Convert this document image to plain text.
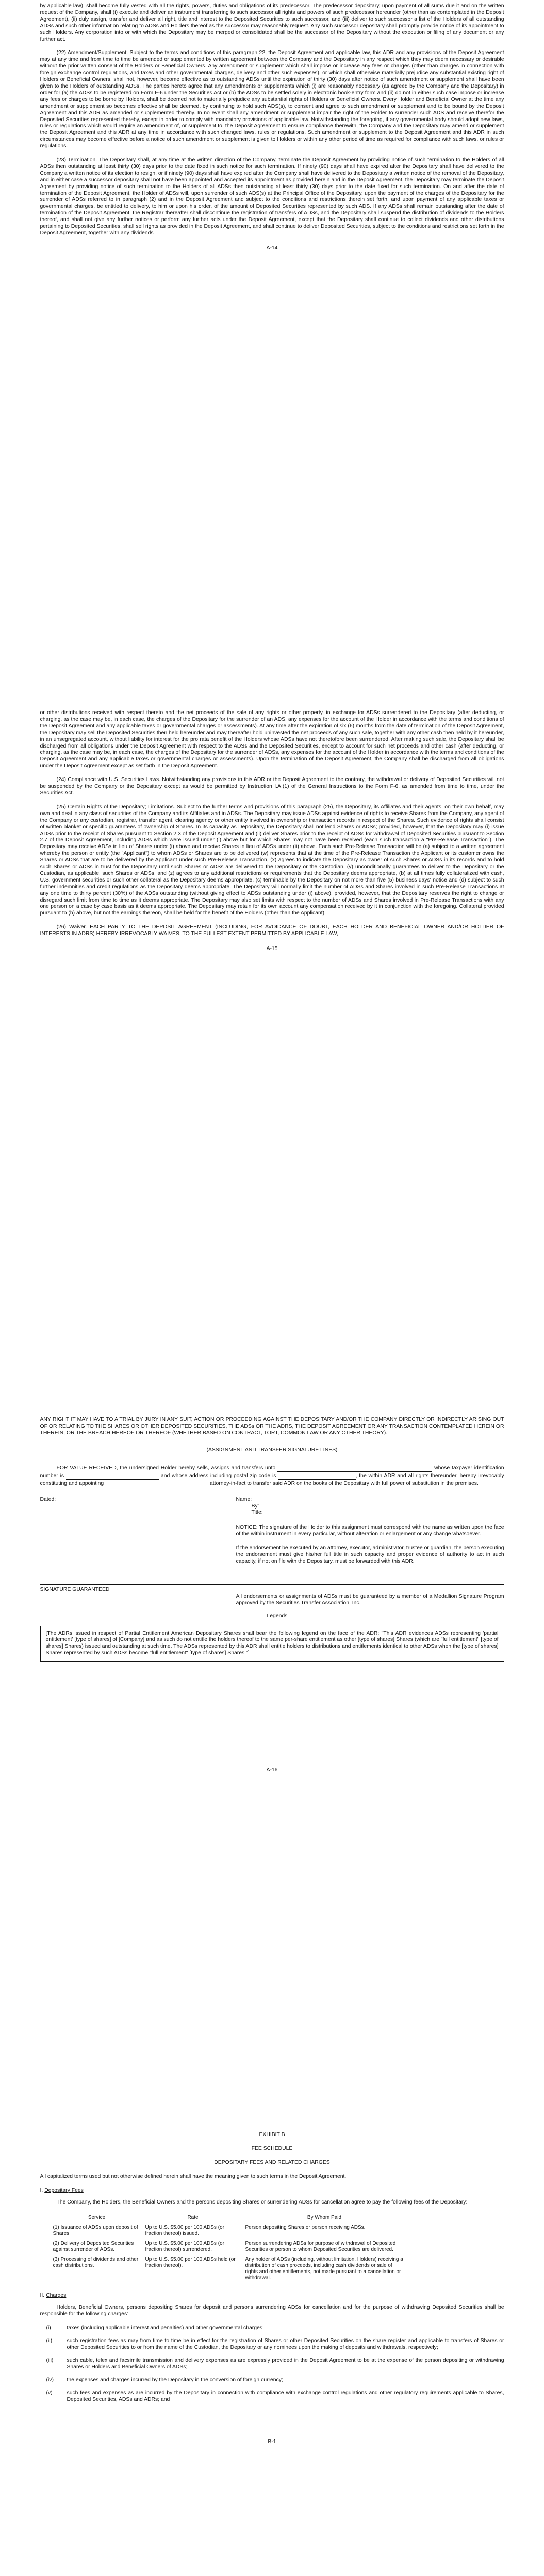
by applicable law), shall become fully vested with all the rights, powers, duties and obligations of its predecessor. The predecessor depositary, upon payment of all sums due it and on the written request of the Company, shall (i) execute and deliver an instrument transferring to such successor all rights and powers of such predecessor hereunder (other than as contemplated in the Deposit Agreement), (ii) duly assign, transfer and deliver all right, title and interest to the Deposited Securities to such successor, and (iii) deliver to such successor a list of the Holders of all outstanding ADSs and such other information relating to ADSs and Holders thereof as the successor may reasonably request. Any such successor depositary shall promptly provide notice of its appointment to such Holders. Any corporation into or with which the Depositary may be merged or consolidated shall be the successor of the Depositary without the execution or filing of any document or any further act.

(22) Amendment/Supplement. Subject to the terms and conditions of this paragraph 22, the Deposit Agreement and applicable law, this ADR and any provisions of the Deposit Agreement may at any time and from time to time be amended or supplemented by written agreement between the Company and the Depositary in any respect which they may deem necessary or desirable without the prior written consent of the Holders or Beneficial Owners. Any amendment or supplement which shall impose or increase any fees or charges (other than charges in connection with foreign exchange control regulations, and taxes and other governmental charges, delivery and other such expenses), or which shall otherwise materially prejudice any substantial existing right of Holders or Beneficial Owners, shall not, however, become effective as to outstanding ADSs until the expiration of thirty (30) days after notice of such amendment or supplement shall have been given to the Holders of outstanding ADSs. The parties hereto agree that any amendments or supplements which (i) are reasonably necessary (as agreed by the Company and the Depositary) in order for (a) the ADSs to be registered on Form F-6 under the Securities Act or (b) the ADSs to be settled solely in electronic book-entry form and (ii) do not in either such case impose or increase any fees or charges to be borne by Holders, shall be deemed not to materially prejudice any substantial rights of Holders or Beneficial Owners. Every Holder and Beneficial Owner at the time any amendment or supplement so becomes effective shall be deemed, by continuing to hold such ADS(s), to consent and agree to such amendment or supplement and to be bound by the Deposit Agreement and this ADR as amended or supplemented thereby. In no event shall any amendment or supplement impair the right of the Holder to surrender such ADS and receive therefor the Deposited Securities represented thereby, except in order to comply with mandatory provisions of applicable law. Notwithstanding the foregoing, if any governmental body should adopt new laws, rules or regulations which would require an amendment of, or supplement to, the Deposit Agreement to ensure compliance therewith, the Company and the Depositary may amend or supplement the Deposit Agreement and this ADR at any time in accordance with such changed laws, rules or regulations. Such amendment or supplement to the Deposit Agreement and this ADR in such circumstances may become effective before a notice of such amendment or supplement is given to Holders or within any other period of time as required for compliance with such laws, or rules or regulations.

(23) Termination. The Depositary shall, at any time at the written direction of the Company, terminate the Deposit Agreement by providing notice of such termination to the Holders of all ADSs then outstanding at least thirty (30) days prior to the date fixed in such notice for such termination. If ninety (90) days shall have expired after the Depositary shall have delivered to the Company a written notice of its election to resign, or if ninety (90) days shall have expired after the Company shall have delivered to the Depositary a written notice of the removal of the Depositary, and in either case a successor depositary shall not have been appointed and accepted its appointment as provided herein and in the Deposit Agreement, the Depositary may terminate the Deposit Agreement by providing notice of such termination to the Holders of all ADSs then outstanding at least thirty (30) days prior to the date fixed for such termination. On and after the date of termination of the Deposit Agreement, the Holder of ADSs will, upon surrender of such ADS(s) at the Principal Office of the Depositary, upon the payment of the charges of the Depositary for the surrender of ADSs referred to in paragraph (2) and in the Deposit Agreement and subject to the conditions and restrictions therein set forth, and upon payment of any applicable taxes or governmental charges, be entitled to delivery, to him or upon his order, of the amount of Deposited Securities represented by such ADS. If any ADSs shall remain outstanding after the date of termination of the Deposit Agreement, the Registrar thereafter shall discontinue the registration of transfers of ADSs, and the Depositary shall suspend the distribution of dividends to the Holders thereof, and shall not give any further notices or perform any further acts under the Deposit Agreement, except that the Depositary shall continue to collect dividends and other distributions pertaining to Deposited Securities, shall sell rights as provided in the Deposit Agreement, and shall continue to deliver Deposited Securities, subject to the conditions and restrictions set forth in the Deposit Agreement, together with any dividends

A-14

or other distributions received with respect thereto and the net proceeds of the sale of any rights or other property, in exchange for ADSs surrendered to the Depositary (after deducting, or charging, as the case may be, in each case, the charges of the Depositary for the surrender of an ADS, any expenses for the account of the Holder in accordance with the terms and conditions of the Deposit Agreement and any applicable taxes or governmental charges or assessments). At any time after the expiration of six (6) months from the date of termination of the Deposit Agreement, the Depositary may sell the Deposited Securities then held hereunder and may thereafter hold uninvested the net proceeds of any such sale, together with any other cash then held by it hereunder, in an unsegregated account, without liability for interest for the pro rata benefit of the Holders whose ADSs have not theretofore been surrendered. After making such sale, the Depositary shall be discharged from all obligations under the Deposit Agreement with respect to the ADSs and the Deposited Securities, except to account for such net proceeds and other cash (after deducting, or charging, as the case may be, in each case, the charges of the Depositary for the surrender of ADSs, any expenses for the account of the Holder in accordance with the terms and conditions of the Deposit Agreement and any applicable taxes or governmental charges or assessments). Upon the termination of the Deposit Agreement, the Company shall be discharged from all obligations under the Deposit Agreement except as set forth in the Deposit Agreement.

(24) Compliance with U.S. Securities Laws. Notwithstanding any provisions in this ADR or the Deposit Agreement to the contrary, the withdrawal or delivery of Deposited Securities will not be suspended by the Company or the Depositary except as would be permitted by Instruction I.A.(1) of the General Instructions to the Form F-6, as amended from time to time, under the Securities Act.

(25) Certain Rights of the Depositary; Limitations. Subject to the further terms and provisions of this paragraph (25), the Depositary, its Affiliates and their agents, on their own behalf, may own and deal in any class of securities of the Company and its Affiliates and in ADSs. The Depositary may issue ADSs against evidence of rights to receive Shares from the Company, any agent of the Company or any custodian, registrar, transfer agent, clearing agency or other entity involved in ownership or transaction records in respect of the Shares. Such evidence of rights shall consist of written blanket or specific guarantees of ownership of Shares. In its capacity as Depositary, the Depositary shall not lend Shares or ADSs; provided, however, that the Depositary may (i) issue ADSs prior to the receipt of Shares pursuant to Section 2.3 of the Deposit Agreement and (ii) deliver Shares prior to the receipt of ADSs for withdrawal of Deposited Securities pursuant to Section 2.7 of the Deposit Agreement, including ADSs which were issued under (i) above but for which Shares may not have been received (each such transaction a "Pre-Release Transaction"). The Depositary may receive ADSs in lieu of Shares under (i) above and receive Shares in lieu of ADSs under (ii) above. Each such Pre-Release Transaction will be (a) subject to a written agreement whereby the person or entity (the "Applicant") to whom ADSs or Shares are to be delivered (w) represents that at the time of the Pre-Release Transaction the Applicant or its customer owns the Shares or ADSs that are to be delivered by the Applicant under such Pre-Release Transaction, (x) agrees to indicate the Depositary as owner of such Shares or ADSs in its records and to hold such Shares or ADSs in trust for the Depositary until such Shares or ADSs are delivered to the Depositary or the Custodian, (y) unconditionally guarantees to deliver to the Depositary or the Custodian, as applicable, such Shares or ADSs, and (z) agrees to any additional restrictions or requirements that the Depositary deems appropriate, (b) at all times fully collateralized with cash, U.S. government securities or such other collateral as the Depositary deems appropriate, (c) terminable by the Depositary on not more than five (5) business days' notice and (d) subject to such further indemnities and credit regulations as the Depositary deems appropriate. The Depositary will normally limit the number of ADSs and Shares involved in such Pre-Release Transactions at any one time to thirty percent (30%) of the ADSs outstanding (without giving effect to ADSs outstanding under (i) above), provided, however, that the Depositary reserves the right to change or disregard such limit from time to time as it deems appropriate. The Depositary may also set limits with respect to the number of ADSs and Shares involved in Pre-Release Transactions with any one person on a case by case basis as it deems appropriate. The Depositary may retain for its own account any compensation received by it in conjunction with the foregoing. Collateral provided pursuant to (b) above, but not the earnings thereon, shall be held for the benefit of the Holders (other than the Applicant).

(26) Waiver. EACH PARTY TO THE DEPOSIT AGREEMENT (INCLUDING, FOR AVOIDANCE OF DOUBT, EACH HOLDER AND BENEFICIAL OWNER AND/OR HOLDER OF INTERESTS IN ADRS) HEREBY IRREVOCABLY WAIVES, TO THE FULLEST EXTENT PERMITTED BY APPLICABLE LAW,

A-15

ANY RIGHT IT MAY HAVE TO A TRIAL BY JURY IN ANY SUIT, ACTION OR PROCEEDING AGAINST THE DEPOSITARY AND/OR THE COMPANY DIRECTLY OR INDIRECTLY ARISING OUT OF OR RELATING TO THE SHARES OR OTHER DEPOSITED SECURITIES, THE ADSs OR THE ADRS, THE DEPOSIT AGREEMENT OR ANY TRANSACTION CONTEMPLATED HEREIN OR THEREIN, OR THE BREACH HEREOF OR THEREOF (WHETHER BASED ON CONTRACT, TORT, COMMON LAW OR ANY OTHER THEORY).

(ASSIGNMENT AND TRANSFER SIGNATURE LINES)

FOR VALUE RECEIVED, the undersigned Holder hereby sells, assigns and transfers unto	whose taxpayer identification number is	and whose address including postal zip code is	, the within ADR and all rights thereunder, hereby irrevocably constituting and appointing	attorney-in-fact to transfer said ADR on the books of the Depositary with full power of substitution in the premises.

Dated:	Name:
By:
Title:

NOTICE: The signature of the Holder to this assignment must correspond with the name as written upon the face of the within instrument in every particular, without alteration or enlargement or any change whatsoever.

If the endorsement be executed by an attorney, executor, administrator, trustee or guardian, the person executing the endorsement must give his/her full title in such capacity and proper evidence of authority to act in such capacity, if not on file with the Depositary, must be forwarded with this ADR.

SIGNATURE GUARANTEED

All endorsements or assignments of ADSs must be guaranteed by a member of a Medallion Signature Program approved by the Securities Transfer Association, Inc.

Legends

[The ADRs issued in respect of Partial Entitlement American Depositary Shares shall bear the following legend on the face of the ADR: "This ADR evidences ADSs representing 'partial entitlement' [type of shares] of [Company] and as such do not entitle the holders thereof to the same per-share entitlement as other [type of shares] Shares (which are "full entitlement" [type of shares] Shares) issued and outstanding at such time. The ADSs represented by this ADR shall entitle holders to distributions and entitlements identical to other ADSs when the [type of shares] Shares represented by such ADSs become "full entitlement" [type of shares] Shares."]
A-16

EXHIBIT B

FEE SCHEDULE

DEPOSITARY FEES AND RELATED CHARGES

All capitalized terms used but not otherwise defined herein shall have the meaning given to such terms in the Deposit Agreement.

I. Depositary Fees

The Company, the Holders, the Beneficial Owners and the persons depositing Shares or surrendering ADSs for cancellation agree to pay the following fees of the Depositary:

Service	Rate	By Whom Paid
(1) Issuance of ADSs upon deposit of Shares.	Up to U.S. $5.00 per 100 ADSs (or fraction thereof) issued.	Person depositing Shares or person receiving ADSs.
(2) Delivery of Deposited Securities against surrender of ADSs.	Up to U.S. $5.00 per 100 ADSs (or fraction thereof) surrendered.	Person surrendering ADSs for purpose of withdrawal of Deposited Securities or person to whom Deposited Securities are delivered.
(3) Processing of dividends and other cash distributions.	Up to U.S. $5.00 per 100 ADSs held (or fraction thereof).	Any holder of ADSs (including, without limitation, Holders) receiving a distribution of cash proceeds, including cash dividends or sale of rights and other entitlements, not made pursuant to a cancellation or withdrawal.

II. Charges

Holders, Beneficial Owners, persons depositing Shares for deposit and persons surrendering ADSs for cancellation and for the purpose of withdrawing Deposited Securities shall be responsible for the following charges:

(i)	taxes (including applicable interest and penalties) and other governmental charges;
(ii)	such registration fees as may from time to time be in effect for the registration of Shares or other Deposited Securities on the share register and applicable to transfers of Shares or other Deposited Securities to or from the name of the Custodian, the Depositary or any nominees upon the making of deposits and withdrawals, respectively;
(iii)	such cable, telex and facsimile transmission and delivery expenses as are expressly provided in the Deposit Agreement to be at the expense of the person depositing or withdrawing Shares or Holders and Beneficial Owners of ADSs;
(iv)	the expenses and charges incurred by the Depositary in the conversion of foreign currency;
(v)	such fees and expenses as are incurred by the Depositary in connection with compliance with exchange control regulations and other regulatory requirements applicable to Shares, Deposited Securities, ADSs and ADRs; and
B-1
